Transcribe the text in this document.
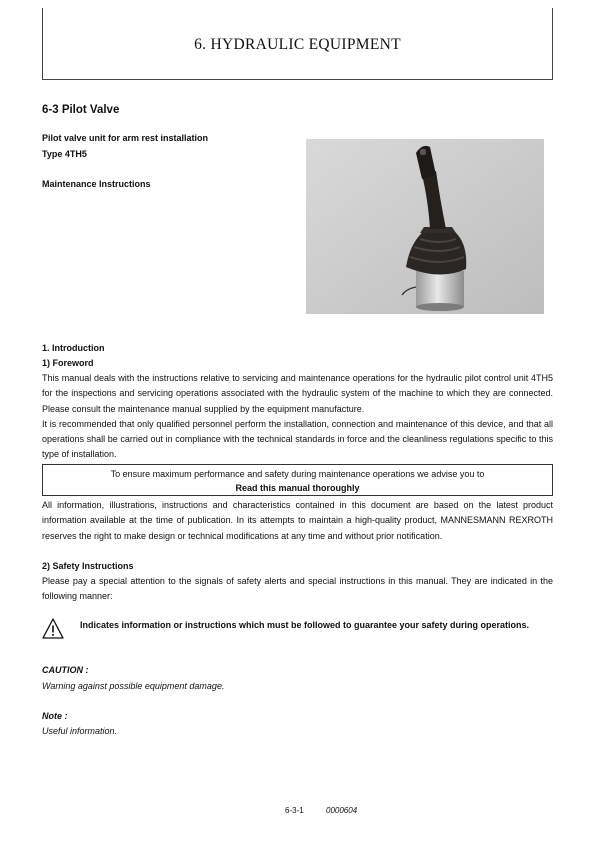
6. HYDRAULIC EQUIPMENT
6-3 Pilot Valve
Pilot valve unit for arm rest installation
Type 4TH5
Maintenance Instructions
1. Introduction
1) Foreword

This manual deals with the instructions relative to servicing and maintenance operations for the hydraulic pilot control unit 4TH5 for the inspections and servicing operations associated with the hydraulic system of the machine to which they are connected. Please consult the maintenance manual supplied by the equipment manufacture.

It is recommended that only qualified personnel perform the installation, connection and maintenance of this device, and that all operations shall be carried out in compliance with the technical standards in force and the cleanliness regulations specific to this type of installation.

To ensure maximum performance and safety during maintenance operations we advise you to
Read this manual thoroughly
All information, illustrations, instructions and characteristics contained in this document are based on the latest product information available at the time of publication. In its attempts to maintain a high-quality product, MANNESMANN REXROTH reserves the right to make design or technical modifications at any time and without prior notification.
2) Safety Instructions
Please pay a special attention to the signals of safety alerts and special instructions in this manual. They are indicated in the following manner:
Indicates information or instructions which must be followed to guarantee your safety during operations.
CAUTION :
Warning against possible equipment damage.
Note :
Useful information.
6-3-1	0000604
